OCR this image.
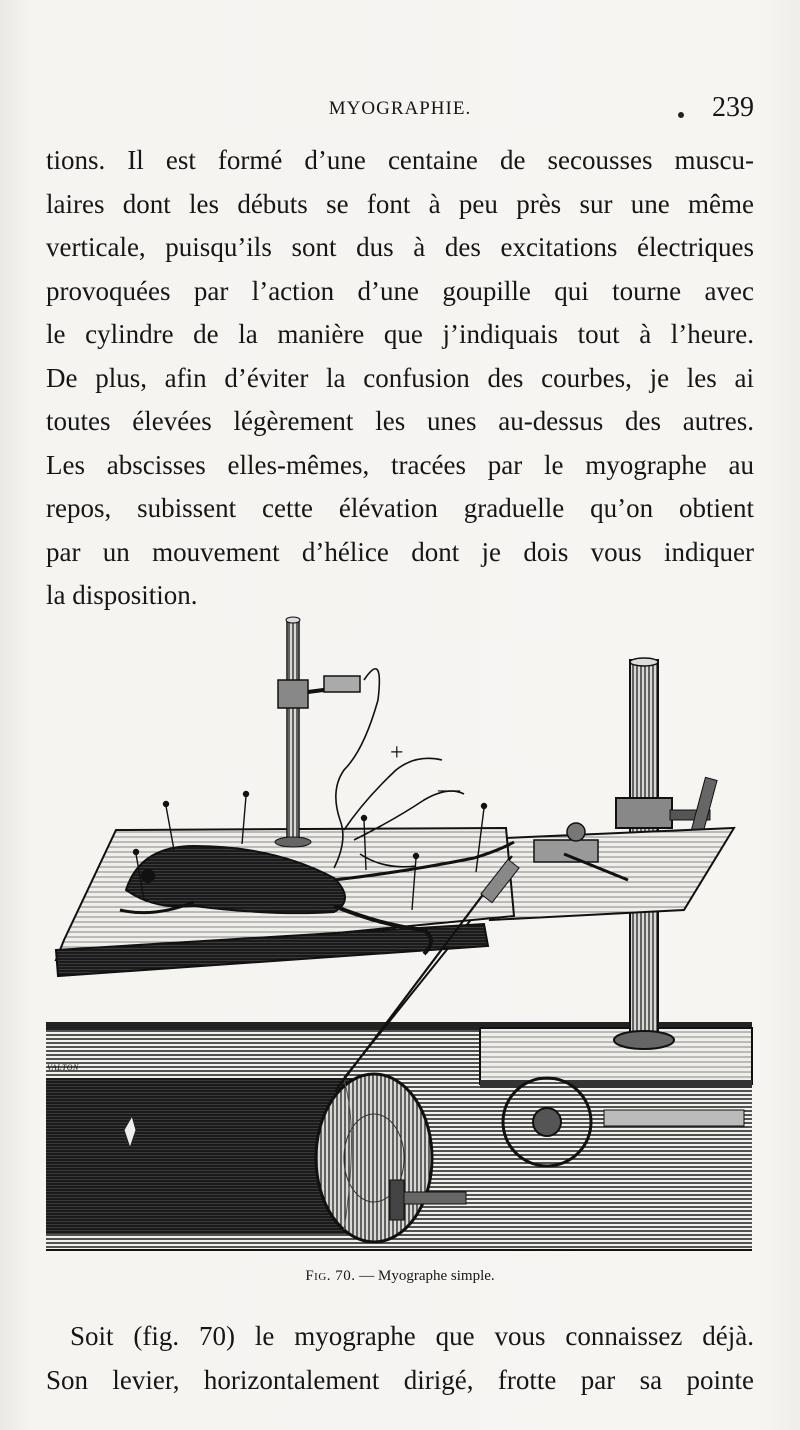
MYOGRAPHIE.	239
tions. Il est formé d’une centaine de secousses muscu-
laires dont les débuts se font à peu près sur une même
verticale, puisqu’ils sont dus à des excitations électriques
provoquées par l’action d’une goupille qui tourne avec
le cylindre de la manière que j’indiquais tout à l’heure.
De plus, afin d’éviter la confusion des courbes, je les ai
toutes élevées légèrement les unes au-dessus des autres.
Les abscisses elles-mêmes, tracées par le myographe au
repos, subissent cette élévation graduelle qu’on obtient
par un mouvement d’hélice dont je dois vous indiquer
la disposition.
+
—
VALTON
Fig. 70. — Myographe simple.
Soit (fig. 70) le myographe que vous connaissez déjà.
Son levier, horizontalement dirigé, frotte par sa pointe
